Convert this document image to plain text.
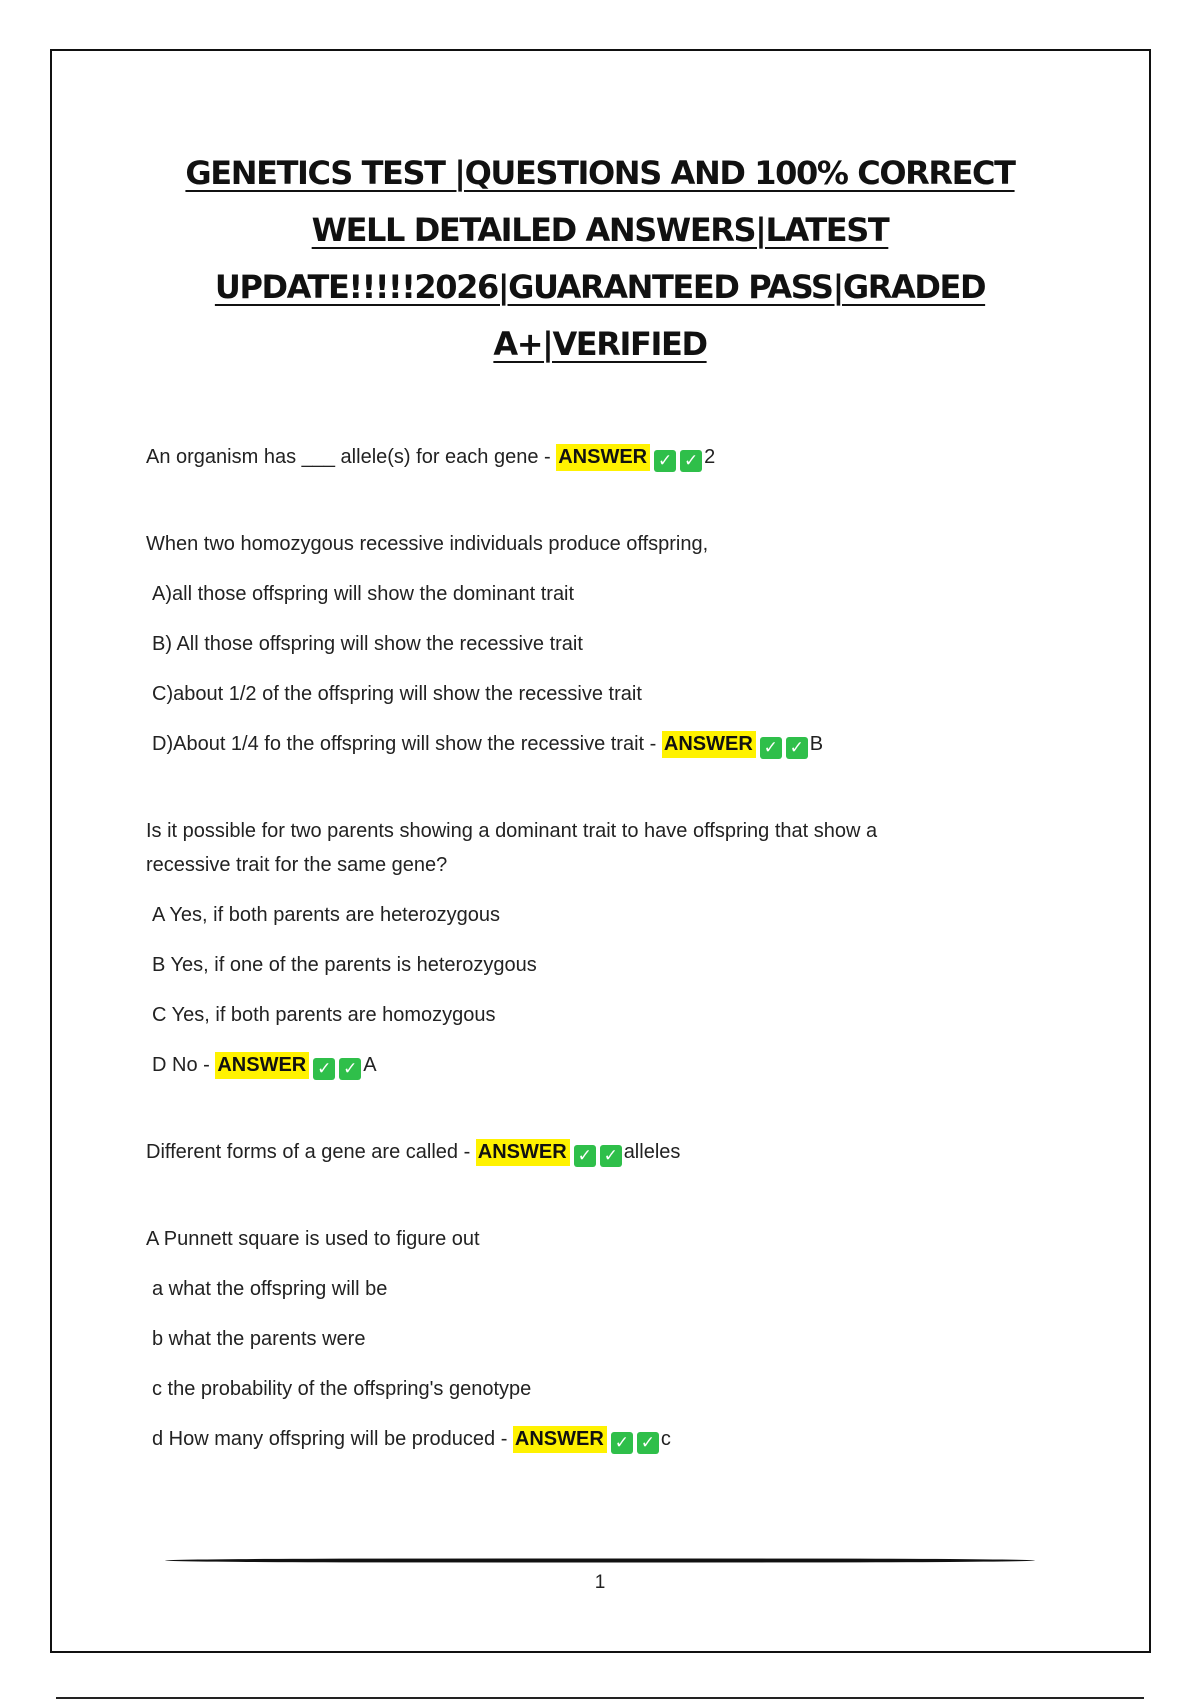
GENETICS TEST |QUESTIONS AND 100% CORRECT
WELL DETAILED ANSWERS|LATEST
UPDATE!!!!!2026|GUARANTEED PASS|GRADED
A+|VERIFIED
An organism has ___ allele(s) for each gene - ANSWER ✓ ✓ 2
When two homozygous recessive individuals produce offspring,
A)all those offspring will show the dominant trait
B) All those offspring will show the recessive trait
C)about 1/2 of the offspring will show the recessive trait
D)About 1/4 fo the offspring will show the recessive trait - ANSWER ✓ ✓ B
Is it possible for two parents showing a dominant trait to have offspring that show a
recessive trait for the same gene?
A Yes, if both parents are heterozygous
B Yes, if one of the parents is heterozygous
C Yes, if both parents are homozygous
D No - ANSWER ✓ ✓ A
Different forms of a gene are called - ANSWER ✓ ✓ alleles
A Punnett square is used to figure out
a what the offspring will be
b what the parents were
c the probability of the offspring's genotype
d How many offspring will be produced - ANSWER ✓ ✓ c
1
